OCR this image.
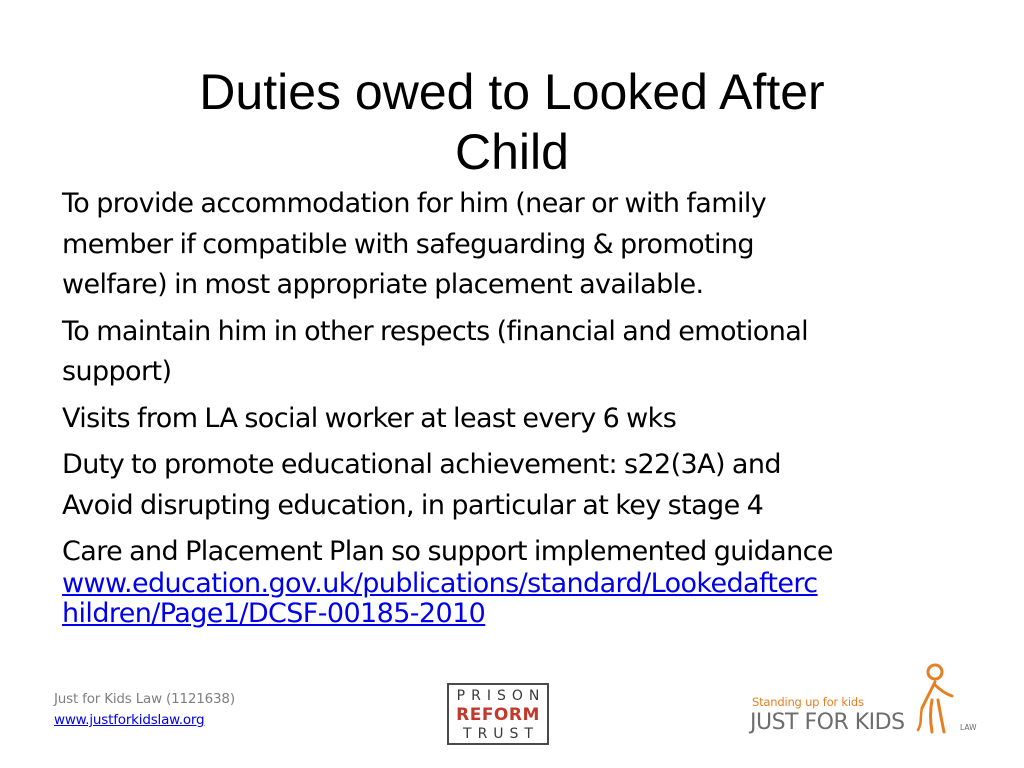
Duties owed to Looked After
Child
To provide accommodation for him (near or with family
member if compatible with safeguarding & promoting
welfare) in most appropriate placement available.
To maintain him in other respects (financial and emotional
support)
Visits from LA social worker at least every 6 wks
Duty to promote educational achievement: s22(3A) and
Avoid disrupting education, in particular at key stage 4
Care and Placement Plan so support implemented guidance
www.education.gov.uk/publications/standard/Lookedafterc
hildren/Page1/DCSF-00185-2010
Just for Kids Law (1121638)
www.justforkidslaw.org
PRISON
REFORM
TRUST
Standing up for kids
JUST FOR KIDS	LAW
